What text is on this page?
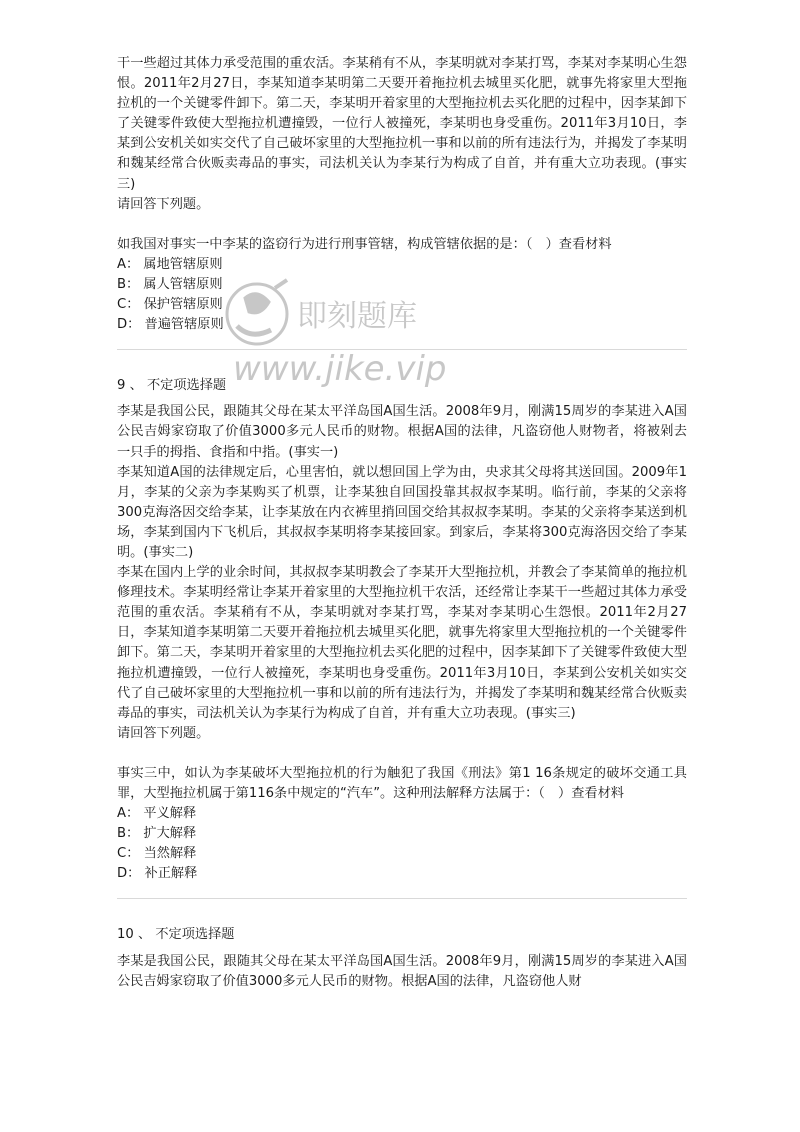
干一些超过其体力承受范围的重农活。李某稍有不从，李某明就对李某打骂，李某对李某明心生怨恨。2011年2月27日，李某知道李某明第二天要开着拖拉机去城里买化肥，就事先将家里大型拖拉机的一个关键零件卸下。第二天，李某明开着家里的大型拖拉机去买化肥的过程中，因李某卸下了关键零件致使大型拖拉机遭撞毁，一位行人被撞死，李某明也身受重伤。2011年3月10日，李某到公安机关如实交代了自己破坏家里的大型拖拉机一事和以前的所有违法行为，并揭发了李某明和魏某经常合伙贩卖毒品的事实，司法机关认为李某行为构成了自首，并有重大立功表现。(事实三)

请回答下列题。

如我国对事实一中李某的盗窃行为进行刑事管辖，构成管辖依据的是：（　）查看材料

A： 属地管辖原则

B： 属人管辖原则

C： 保护管辖原则

D： 普遍管辖原则

9 、 不定项选择题

李某是我国公民，跟随其父母在某太平洋岛国A国生活。2008年9月，刚满15周岁的李某进入A国公民吉姆家窃取了价值3000多元人民币的财物。根据A国的法律，凡盗窃他人财物者，将被剁去一只手的拇指、食指和中指。(事实一)

李某知道A国的法律规定后，心里害怕，就以想回国上学为由，央求其父母将其送回国。2009年1月，李某的父亲为李某购买了机票，让李某独自回国投靠其叔叔李某明。临行前，李某的父亲将300克海洛因交给李某，让李某放在内衣裤里捎回国交给其叔叔李某明。李某的父亲将李某送到机场，李某到国内下飞机后，其叔叔李某明将李某接回家。到家后，李某将300克海洛因交给了李某明。(事实二)

李某在国内上学的业余时间，其叔叔李某明教会了李某开大型拖拉机，并教会了李某简单的拖拉机修理技术。李某明经常让李某开着家里的大型拖拉机干农活，还经常让李某干一些超过其体力承受范围的重农活。李某稍有不从，李某明就对李某打骂，李某对李某明心生怨恨。2011年2月27日，李某知道李某明第二天要开着拖拉机去城里买化肥，就事先将家里大型拖拉机的一个关键零件卸下。第二天，李某明开着家里的大型拖拉机去买化肥的过程中，因李某卸下了关键零件致使大型拖拉机遭撞毁，一位行人被撞死，李某明也身受重伤。2011年3月10日，李某到公安机关如实交代了自己破坏家里的大型拖拉机一事和以前的所有违法行为，并揭发了李某明和魏某经常合伙贩卖毒品的事实，司法机关认为李某行为构成了自首，并有重大立功表现。(事实三)

请回答下列题。

事实三中，如认为李某破坏大型拖拉机的行为触犯了我国《刑法》第1 16条规定的破坏交通工具罪，大型拖拉机属于第116条中规定的“汽车”。这种刑法解释方法属于：（　）查看材料

A： 平义解释

B： 扩大解释

C： 当然解释

D： 补正解释

10 、 不定项选择题

李某是我国公民，跟随其父母在某太平洋岛国A国生活。2008年9月，刚满15周岁的李某进入A国公民吉姆家窃取了价值3000多元人民币的财物。根据A国的法律，凡盗窃他人财

即刻题库
www.jike.vip
